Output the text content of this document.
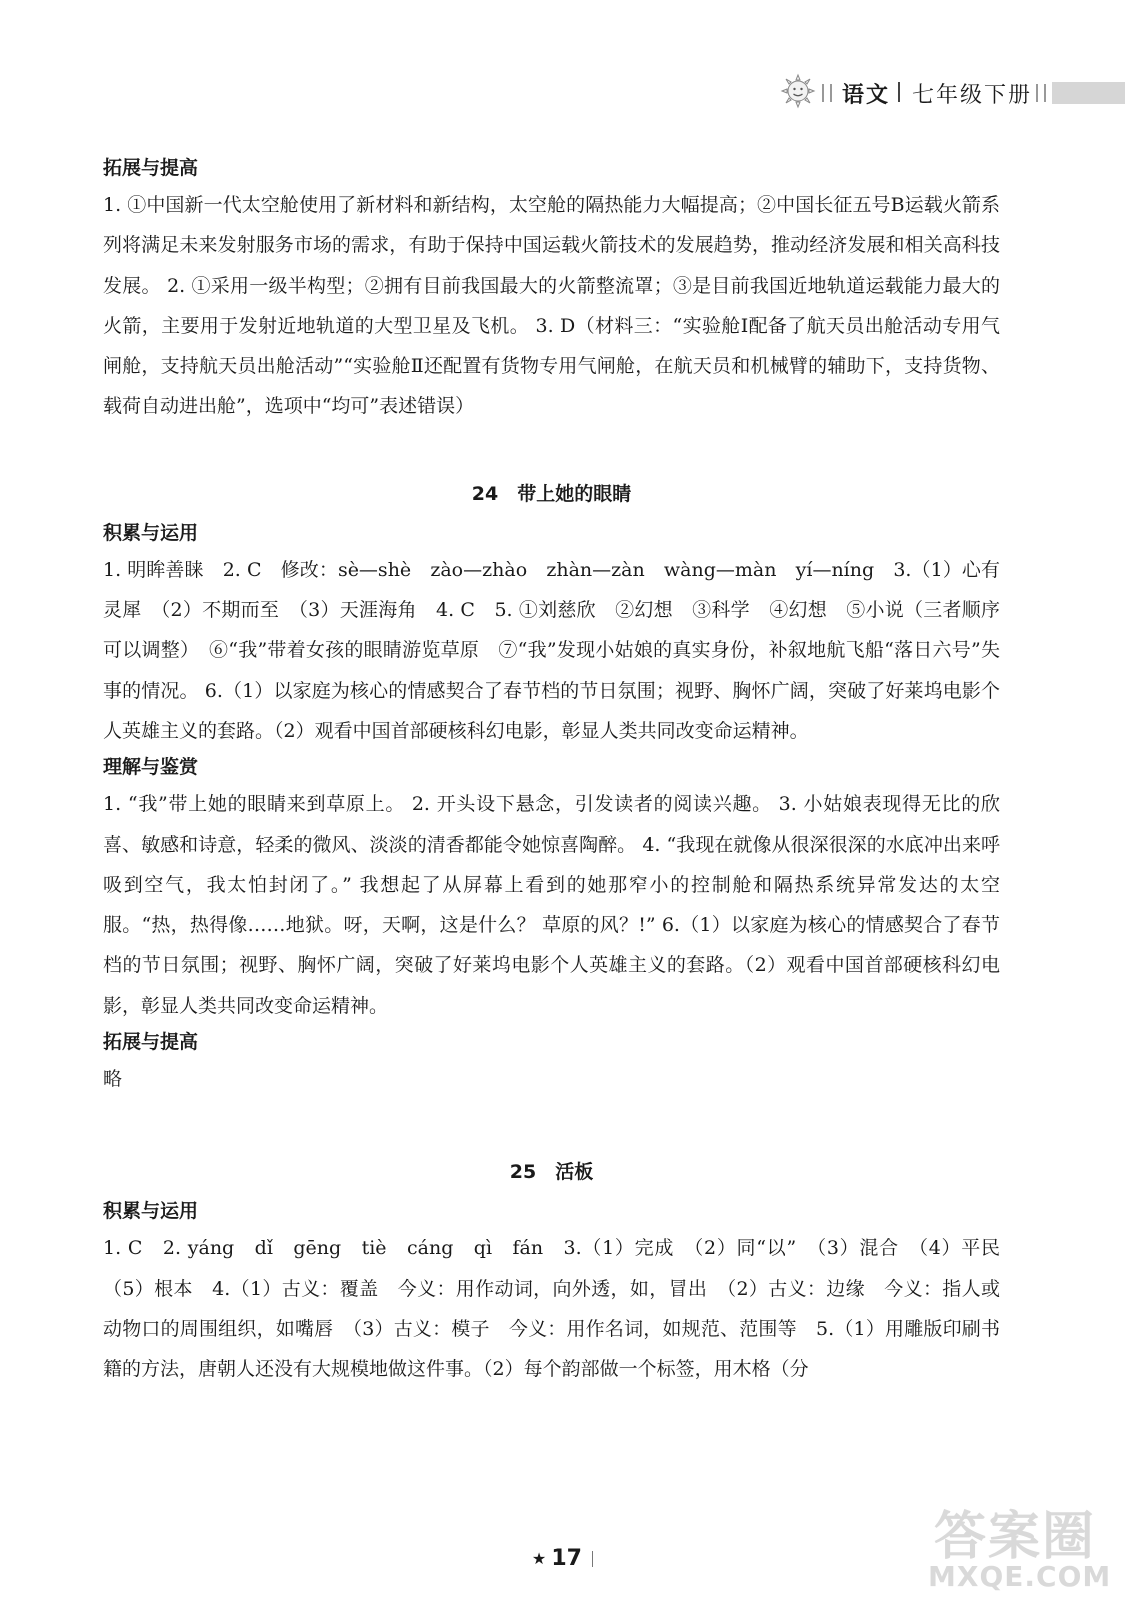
语文 七年级下册
拓展与提高

1. ①中国新一代太空舱使用了新材料和新结构，太空舱的隔热能力大幅提高；②中国长征五号B运载火箭系列将满足未来发射服务市场的需求，有助于保持中国运载火箭技术的发展趋势，推动经济发展和相关高科技发展。 2. ①采用一级半构型；②拥有目前我国最大的火箭整流罩；③是目前我国近地轨道运载能力最大的火箭，主要用于发射近地轨道的大型卫星及飞机。 3. D（材料三：“实验舱Ⅰ配备了航天员出舱活动专用气闸舱，支持航天员出舱活动”“实验舱Ⅱ还配置有货物专用气闸舱，在航天员和机械臂的辅助下，支持货物、载荷自动进出舱”，选项中“均可”表述错误）

24　带上她的眼睛
积累与运用

1. 明眸善睐　2. C　修改：sè—shè　zào—zhào　zhàn—zàn　wàng—màn　yí—níng　3.（1）心有灵犀　（2）不期而至　（3）天涯海角　4. C　5. ①刘慈欣　②幻想　③科学　④幻想　⑤小说（三者顺序可以调整）　⑥“我”带着女孩的眼睛游览草原　⑦“我”发现小姑娘的真实身份，补叙地航飞船“落日六号”失事的情况。 6.（1）以家庭为核心的情感契合了春节档的节日氛围；视野、胸怀广阔，突破了好莱坞电影个人英雄主义的套路。（2）观看中国首部硬核科幻电影，彰显人类共同改变命运精神。

理解与鉴赏

1. “我”带上她的眼睛来到草原上。 2. 开头设下悬念，引发读者的阅读兴趣。 3. 小姑娘表现得无比的欣喜、敏感和诗意，轻柔的微风、淡淡的清香都能令她惊喜陶醉。 4. “我现在就像从很深很深的水底冲出来呼吸到空气，我太怕封闭了。” 我想起了从屏幕上看到的她那窄小的控制舱和隔热系统异常发达的太空服。“热，热得像……地狱。呀，天啊，这是什么？ 草原的风？!” 6.（1）以家庭为核心的情感契合了春节档的节日氛围；视野、胸怀广阔，突破了好莱坞电影个人英雄主义的套路。（2）观看中国首部硬核科幻电影，彰显人类共同改变命运精神。

拓展与提高

略

25　活板
积累与运用

1. C　2. yáng　dǐ　gēng　tiè　cáng　qì　fán　3.（1）完成　（2）同“以”　（3）混合　（4）平民　（5）根本　4.（1）古义：覆盖　今义：用作动词，向外透，如，冒出　（2）古义：边缘　今义：指人或动物口的周围组织，如嘴唇　（3）古义：模子　今义：用作名词，如规范、范围等　5.（1）用雕版印刷书籍的方法，唐朝人还没有大规模地做这件事。（2）每个韵部做一个标签，用木格（分

★ 17	答案圈
MXQE.COM
